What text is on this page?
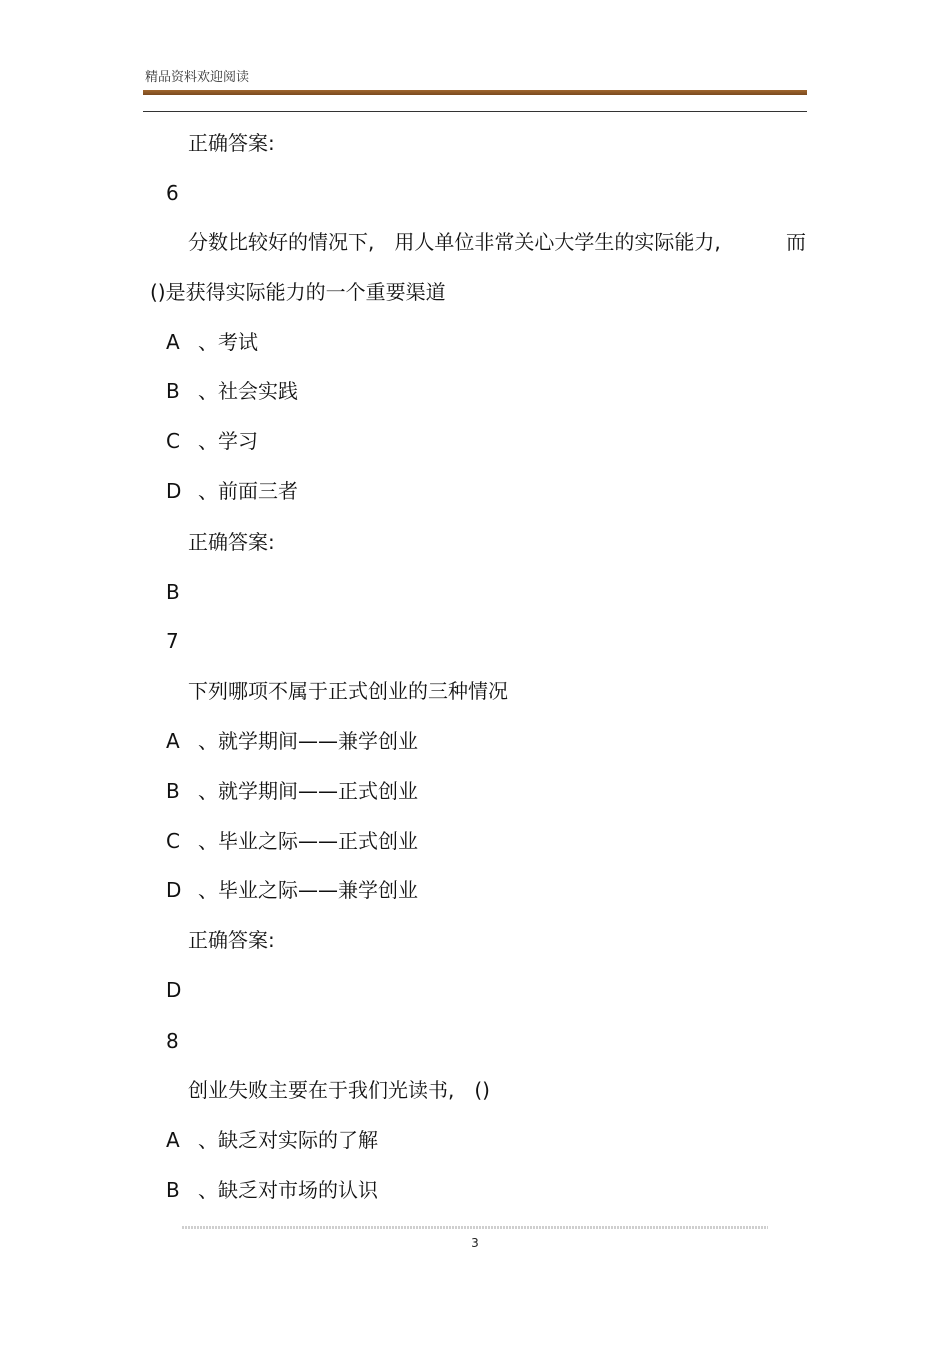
精品资料欢迎阅读
正确答案:
6
分数比较好的情况下,　用人单位非常关心大学生的实际能力,	而
()是获得实际能力的一个重要渠道
A 、考试
B 、社会实践
C 、学习
D 、前面三者
正确答案:
B
7
下列哪项不属于正式创业的三种情况
A 、就学期间——兼学创业
B 、就学期间——正式创业
C 、毕业之际——正式创业
D 、毕业之际——兼学创业
正确答案:
D
8
创业失败主要在于我们光读书,　()
A 、缺乏对实际的了解
B 、缺乏对市场的认识
3
